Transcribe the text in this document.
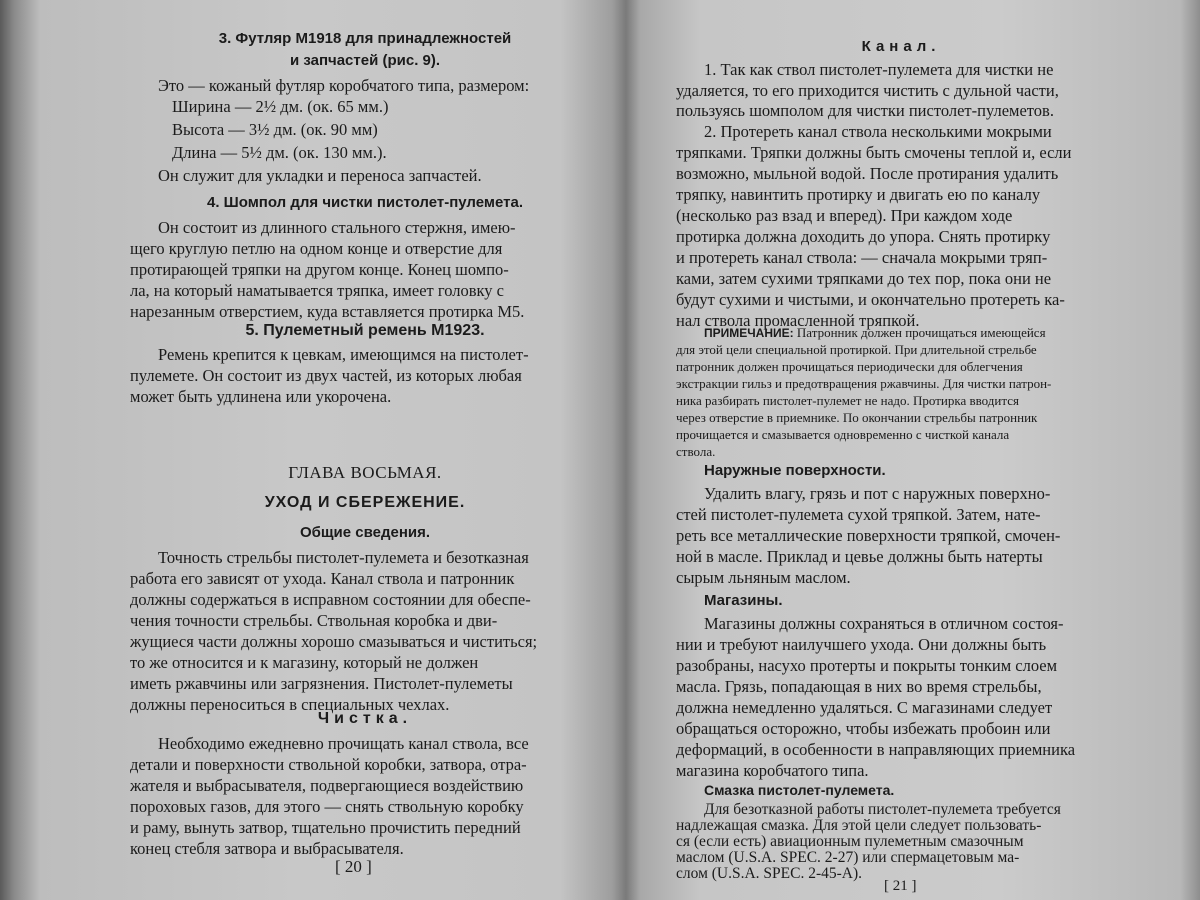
3. Футляр М1918 для принадлежностей
и запчастей (рис. 9).
Это — кожаный футляр коробчатого типа, размером:
Ширина — 2½ дм. (ок. 65 мм.)
Высота — 3½ дм. (ок. 90 мм)
Длина — 5½ дм. (ок. 130 мм.).
Он служит для укладки и переноса запчастей.
4. Шомпол для чистки пистолет-пулемета.
Он состоит из длинного стального стержня, имею-
щего круглую петлю на одном конце и отверстие для
протирающей тряпки на другом конце. Конец шомпо-
ла, на который наматывается тряпка, имеет головку с
нарезанным отверстием, куда вставляется протирка М5.
5. Пулеметный ремень М1923.
Ремень крепится к цевкам, имеющимся на пистолет-
пулемете. Он состоит из двух частей, из которых любая
может быть удлинена или укорочена.
ГЛАВА ВОСЬМАЯ.
УХОД И СБЕРЕЖЕНИЕ.
Общие сведения.
Точность стрельбы пистолет-пулемета и безотказная
работа его зависят от ухода. Канал ствола и патронник
должны содержаться в исправном состоянии для обеспе-
чения точности стрельбы. Ствольная коробка и дви-
жущиеся части должны хорошо смазываться и чиститься;
то же относится и к магазину, который не должен
иметь ржавчины или загрязнения. Пистолет-пулеметы
должны переноситься в специальных чехлах.
Чистка.
Необходимо ежедневно прочищать канал ствола, все
детали и поверхности ствольной коробки, затвора, отра-
жателя и выбрасывателя, подвергающиеся воздействию
пороховых газов, для этого — снять ствольную коробку
и раму, вынуть затвор, тщательно прочистить передний
конец стебля затвора и выбрасывателя.
[ 20 ]
Канал.
1. Так как ствол пистолет-пулемета для чистки не
удаляется, то его приходится чистить с дульной части,
пользуясь шомполом для чистки пистолет-пулеметов.
2. Протереть канал ствола несколькими мокрыми
тряпками. Тряпки должны быть смочены теплой и, если
возможно, мыльной водой. После протирания удалить
тряпку, навинтить протирку и двигать ею по каналу
(несколько раз взад и вперед). При каждом ходе
протирка должна доходить до упора. Снять протирку
и протереть канал ствола: — сначала мокрыми тряп-
ками, затем сухими тряпками до тех пор, пока они не
будут сухими и чистыми, и окончательно протереть ка-
нал ствола промасленной тряпкой.
ПРИМЕЧАНИЕ: Патронник должен прочищаться имеющейся
для этой цели специальной протиркой. При длительной стрельбе
патронник должен прочищаться периодически для облегчения
экстракции гильз и предотвращения ржавчины. Для чистки патрон-
ника разбирать пистолет-пулемет не надо. Протирка вводится
через отверстие в приемнике. По окончании стрельбы патронник
прочищается и смазывается одновременно с чисткой канала
ствола.
Наружные поверхности.
Удалить влагу, грязь и пот с наружных поверхно-
стей пистолет-пулемета сухой тряпкой. Затем, нате-
реть все металлические поверхности тряпкой, смочен-
ной в масле. Приклад и цевье должны быть натерты
сырым льняным маслом.
Магазины.
Магазины должны сохраняться в отличном состоя-
нии и требуют наилучшего ухода. Они должны быть
разобраны, насухо протерты и покрыты тонким слоем
масла. Грязь, попадающая в них во время стрельбы,
должна немедленно удаляться. С магазинами следует
обращаться осторожно, чтобы избежать пробоин или
деформаций, в особенности в направляющих приемника
магазина коробчатого типа.
Смазка пистолет-пулемета.
Для безотказной работы пистолет-пулемета требуется
надлежащая смазка. Для этой цели следует пользовать-
ся (если есть) авиационным пулеметным смазочным
маслом (U.S.A. SPEC. 2-27) или спермацетовым ма-
слом (U.S.A. SPEC. 2-45-A).
[ 21 ]
